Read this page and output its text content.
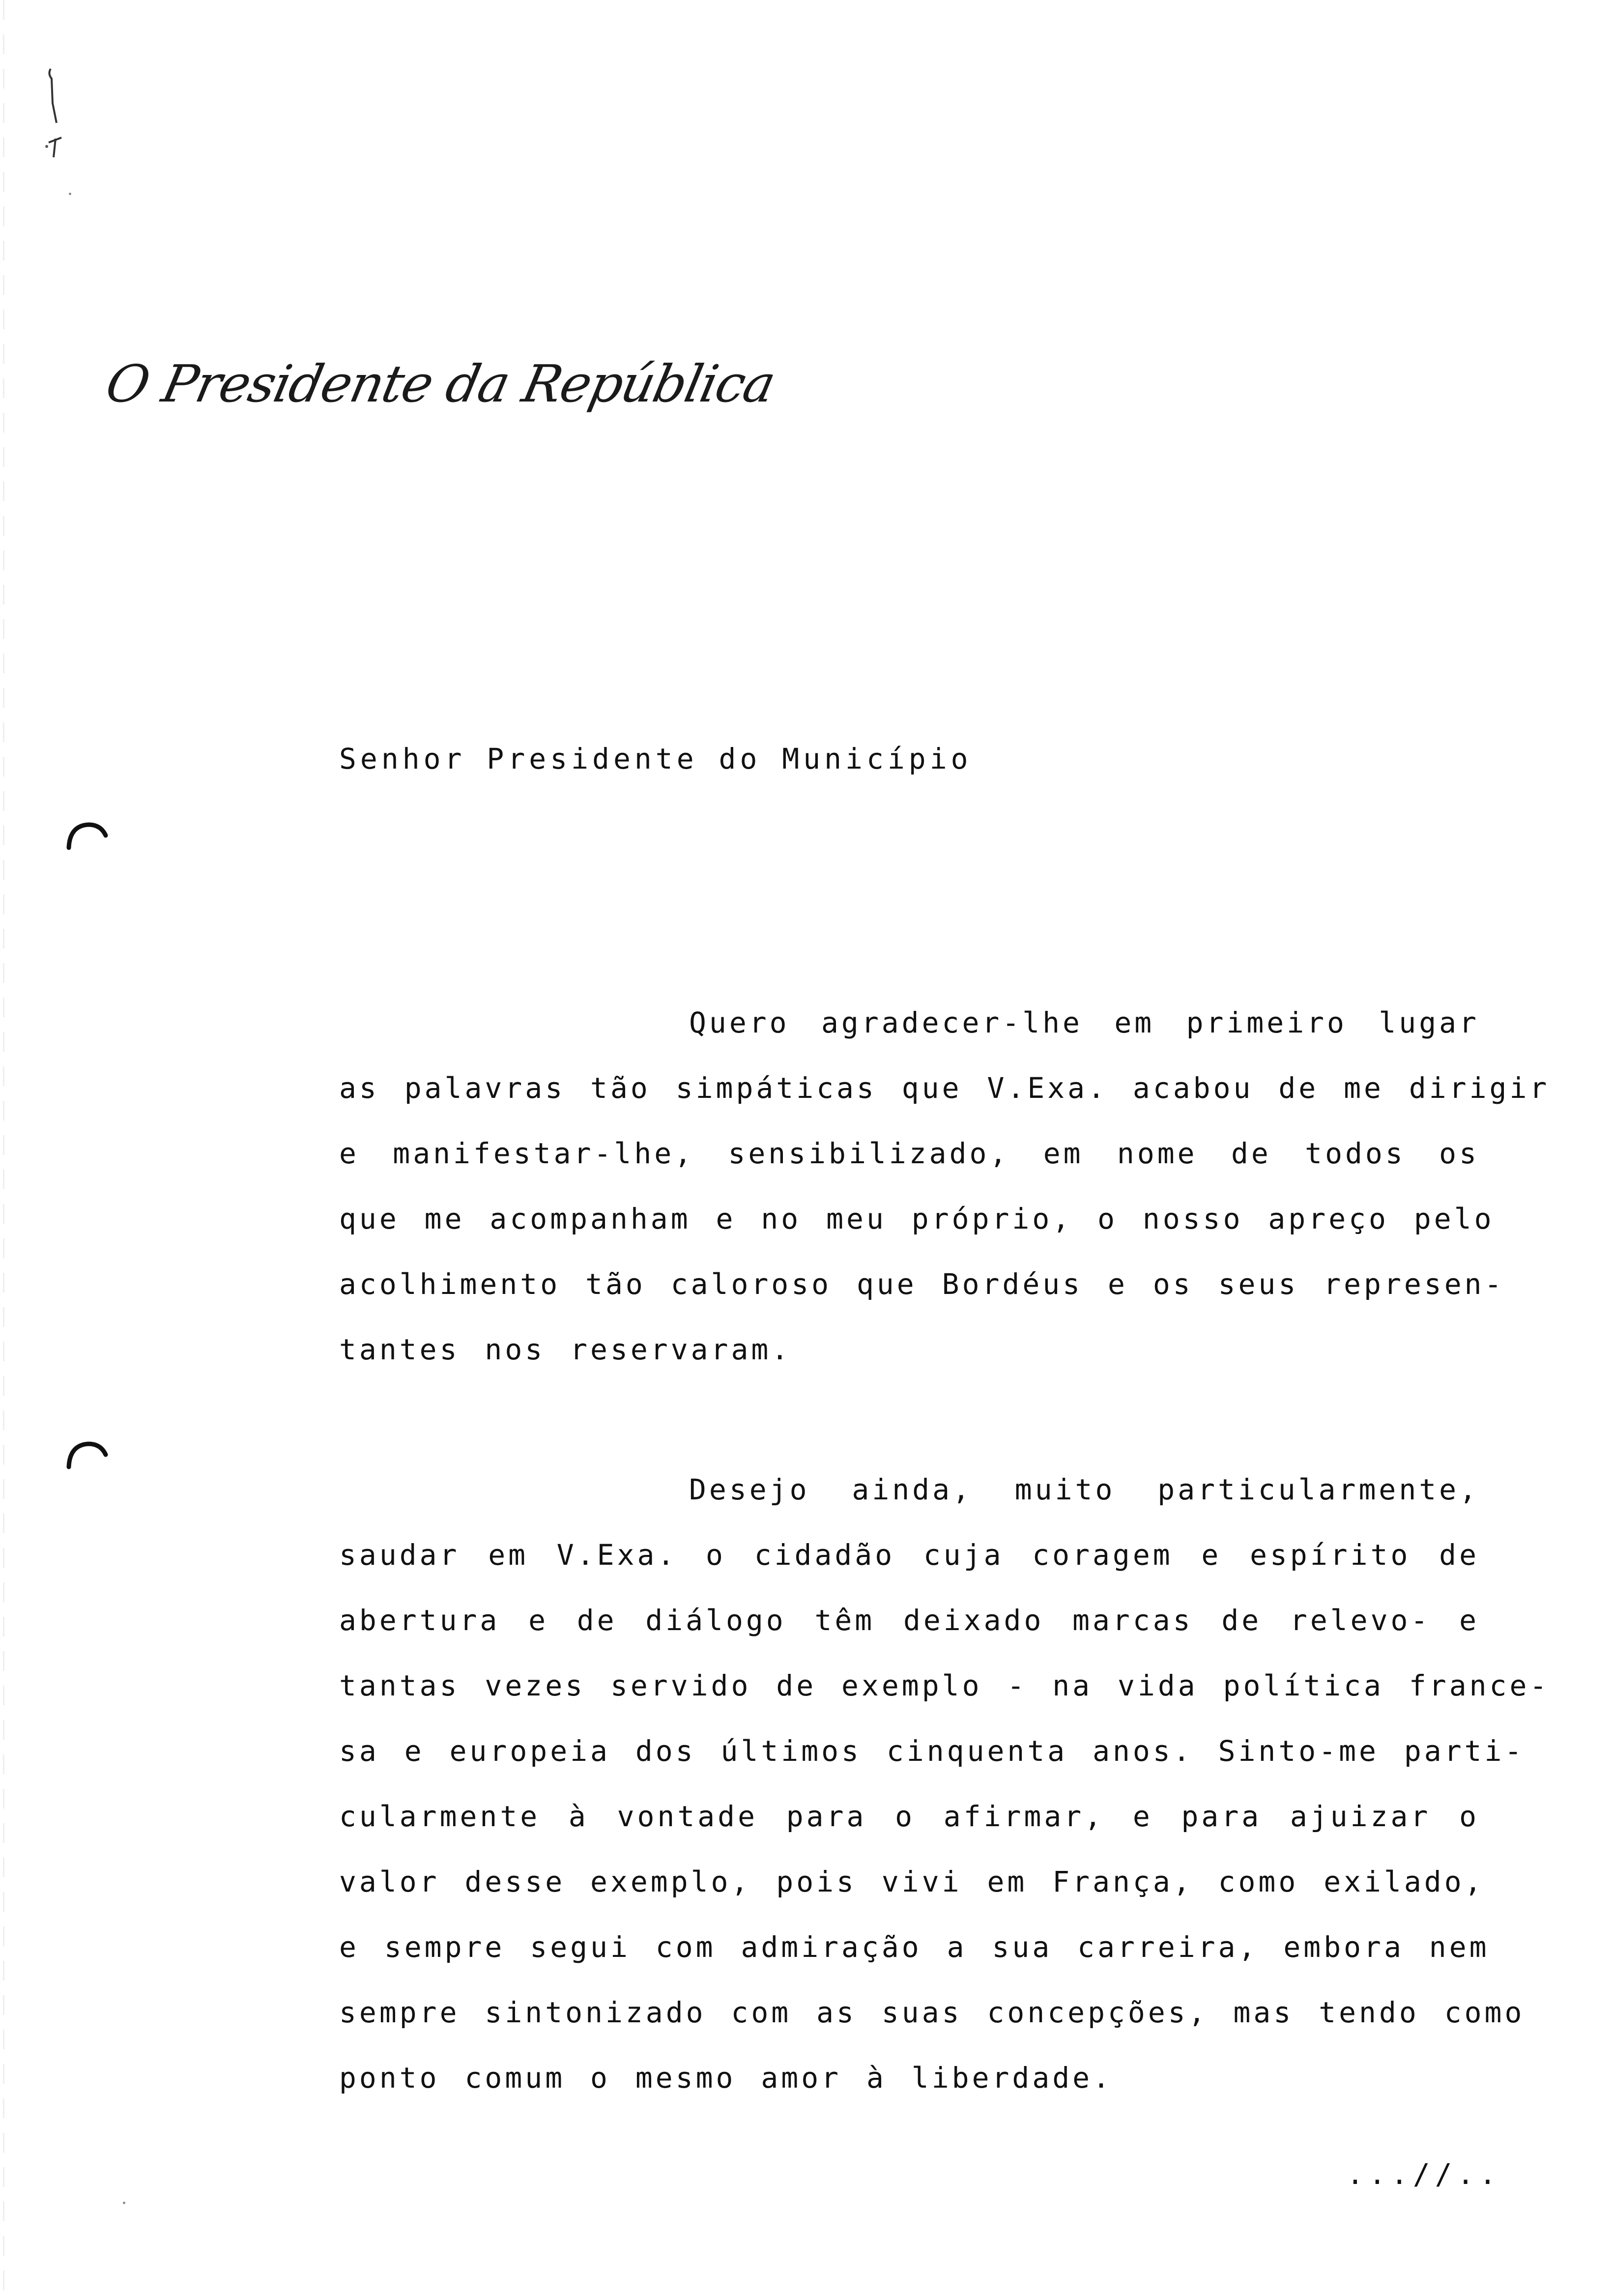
O Presidente da República
Senhor Presidente do Município
Quero agradecer-lhe em primeiro lugar
as palavras tão simpáticas que V.Exa. acabou de me dirigir
e manifestar-lhe, sensibilizado, em nome de todos os
que me acompanham e no meu próprio, o nosso apreço pelo
acolhimento tão caloroso que Bordéus e os seus represen-
tantes nos reservaram.
Desejo ainda, muito particularmente,
saudar em V.Exa. o cidadão cuja coragem e espírito de
abertura e de diálogo têm deixado marcas de relevo- e
tantas vezes servido de exemplo - na vida política france-
sa e europeia dos últimos cinquenta anos. Sinto-me parti-
cularmente à vontade para o afirmar, e para ajuizar o
valor desse exemplo, pois vivi em França, como exilado,
e sempre segui com admiração a sua carreira, embora nem
sempre sintonizado com as suas concepções, mas tendo como
ponto comum o mesmo amor à liberdade.
...//..
